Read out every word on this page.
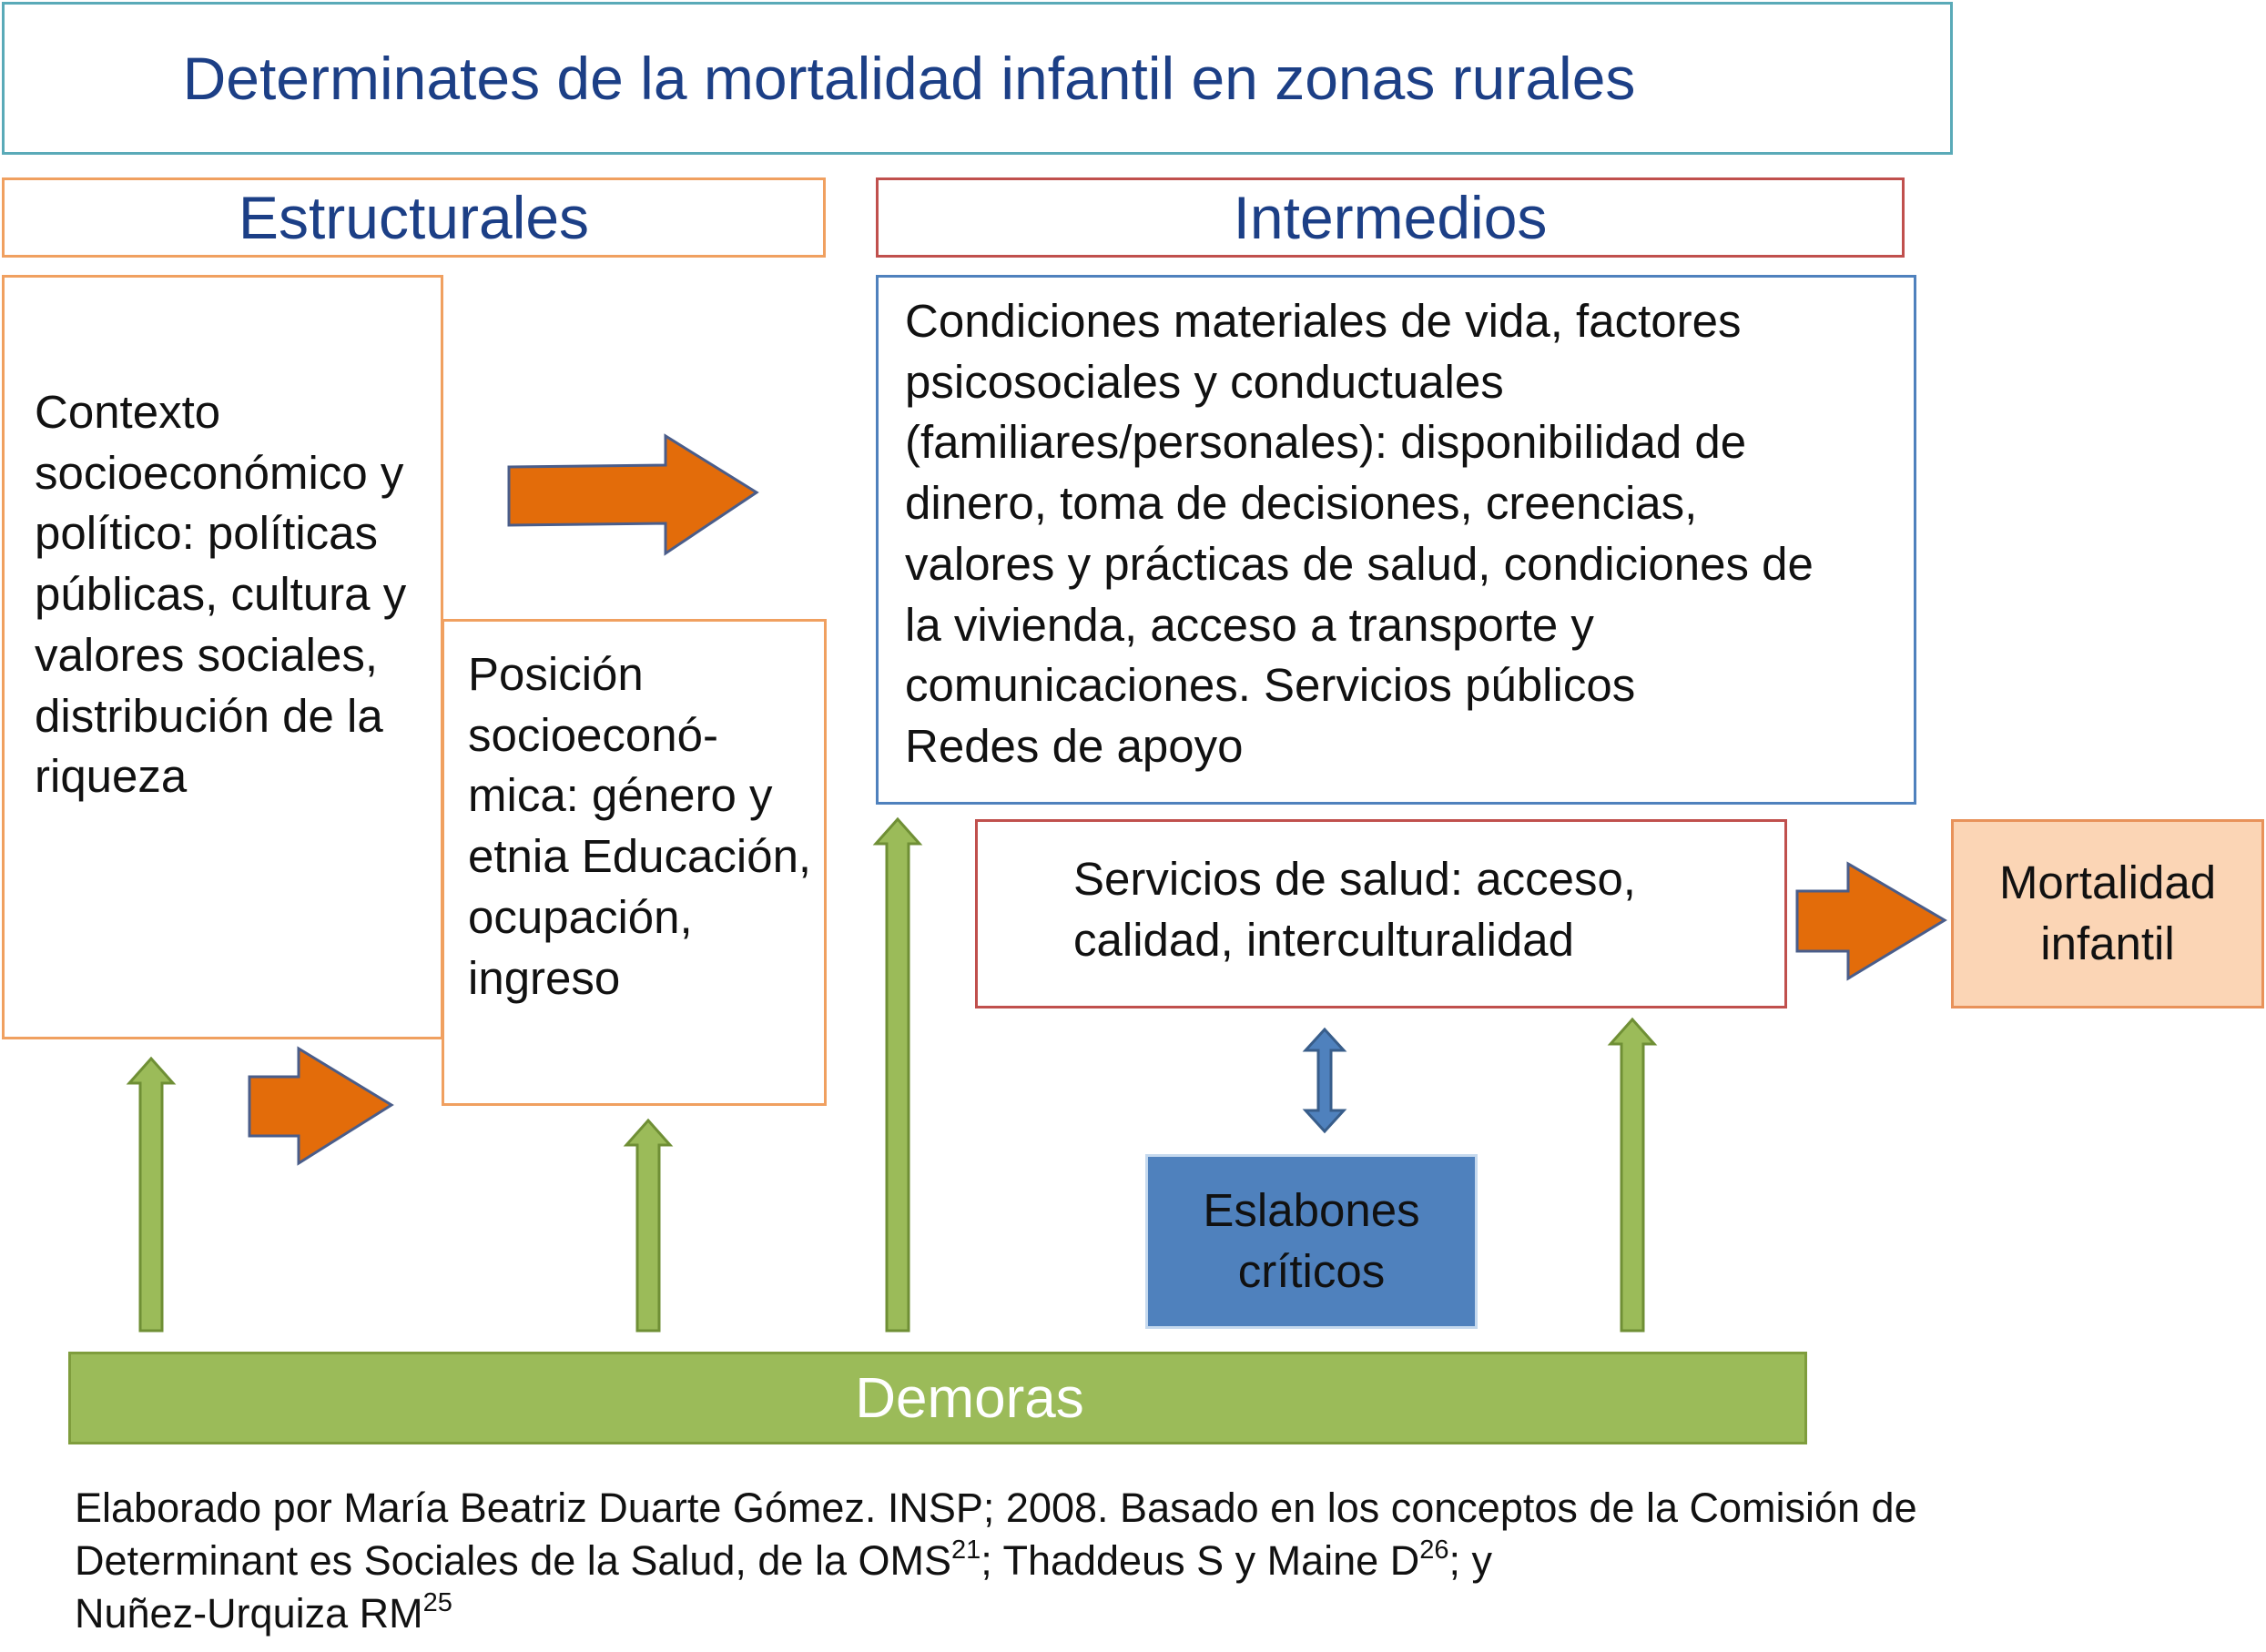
Determinates de la mortalidad infantil en zonas rurales
Estructurales	Intermedios
Contexto socioeconómico y político: políticas públicas, cultura y valores sociales, distribución de la riqueza
Posición socioeconó-mica: género y etnia Educación, ocupación, ingreso
Condiciones materiales de vida, factores
psicosociales y conductuales
(familiares/personales): disponibilidad de
dinero, toma de decisiones, creencias,
valores y prácticas de salud, condiciones de
la vivienda, acceso a transporte y
comunicaciones. Servicios públicos
Redes de apoyo
Servicios de salud: acceso,
calidad, interculturalidad
Mortalidad
infantil
Eslabones
críticos
Demoras
Elaborado por María Beatriz Duarte Gómez. INSP; 2008. Basado en los conceptos de la Comisión de
Determinant es Sociales de la Salud, de la OMS$^{21}$; Thaddeus S y Maine $D^{26}$; y
Nuñez-Urquiza RM$^{25}$
